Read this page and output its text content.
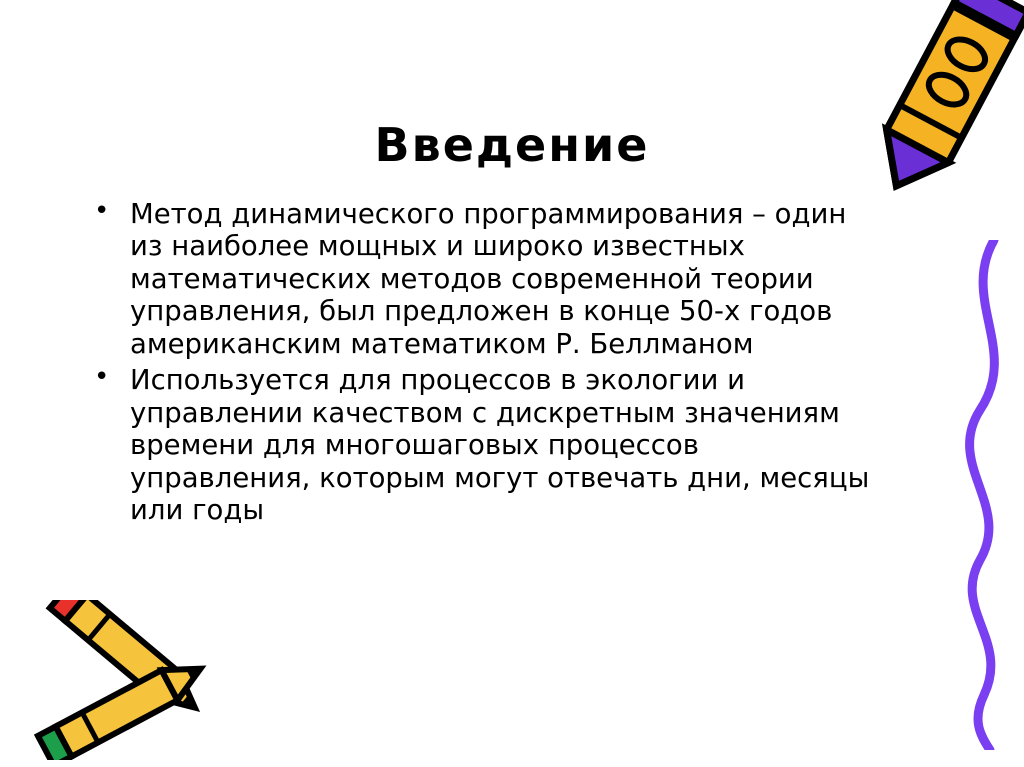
Введение
• Метод динамического программирования – один из наиболее мощных и широко известных математических методов современной теории управления, был предложен в конце 50-х годов американским математиком Р. Беллманом
• Используется для процессов в экологии и управлении качеством с дискретным значениям времени для многошаговых процессов управления, которым могут отвечать дни, месяцы или годы
